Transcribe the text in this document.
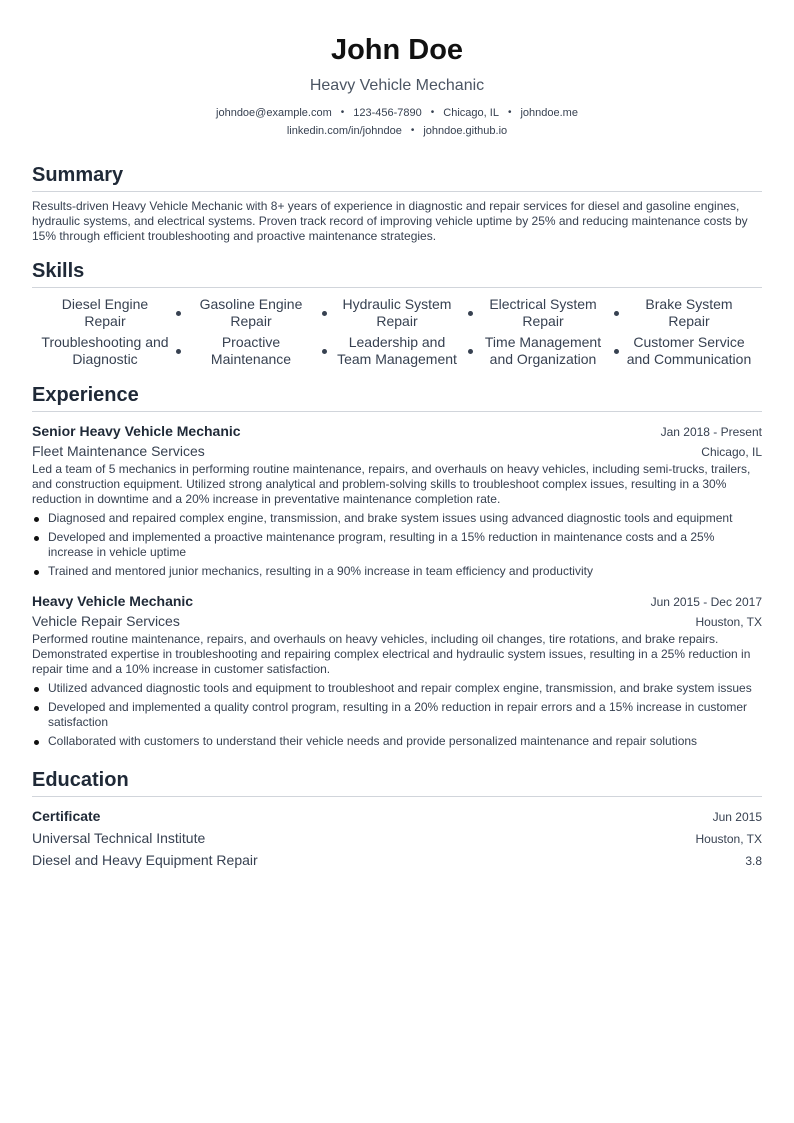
John Doe
Heavy Vehicle Mechanic
johndoe@example.com • 123-456-7890 • Chicago, IL • johndoe.me
linkedin.com/in/johndoe • johndoe.github.io
Summary

Results-driven Heavy Vehicle Mechanic with 8+ years of experience in diagnostic and repair services for diesel and gasoline engines, hydraulic systems, and electrical systems. Proven track record of improving vehicle uptime by 25% and reducing maintenance costs by 15% through efficient troubleshooting and proactive maintenance strategies.

Skills
Diesel Engine Repair
Gasoline Engine Repair
Hydraulic System Repair
Electrical System Repair
Brake System Repair
Troubleshooting and Diagnostic
Proactive Maintenance
Leadership and Team Management
Time Management and Organization
Customer Service and Communication
Experience
Senior Heavy Vehicle Mechanic	Jan 2018 - Present
Fleet Maintenance Services	Chicago, IL

Led a team of 5 mechanics in performing routine maintenance, repairs, and overhauls on heavy vehicles, including semi-trucks, trailers, and construction equipment. Utilized strong analytical and problem-solving skills to troubleshoot complex issues, resulting in a 30% reduction in downtime and a 20% increase in preventative maintenance completion rate.

Diagnosed and repaired complex engine, transmission, and brake system issues using advanced diagnostic tools and equipment
Developed and implemented a proactive maintenance program, resulting in a 15% reduction in maintenance costs and a 25% increase in vehicle uptime
Trained and mentored junior mechanics, resulting in a 90% increase in team efficiency and productivity
Heavy Vehicle Mechanic	Jun 2015 - Dec 2017
Vehicle Repair Services	Houston, TX

Performed routine maintenance, repairs, and overhauls on heavy vehicles, including oil changes, tire rotations, and brake repairs. Demonstrated expertise in troubleshooting and repairing complex electrical and hydraulic system issues, resulting in a 25% reduction in repair time and a 10% increase in customer satisfaction.

Utilized advanced diagnostic tools and equipment to troubleshoot and repair complex engine, transmission, and brake system issues
Developed and implemented a quality control program, resulting in a 20% reduction in repair errors and a 15% increase in customer satisfaction
Collaborated with customers to understand their vehicle needs and provide personalized maintenance and repair solutions
Education
Certificate	Jun 2015
Universal Technical Institute	Houston, TX
Diesel and Heavy Equipment Repair	3.8
